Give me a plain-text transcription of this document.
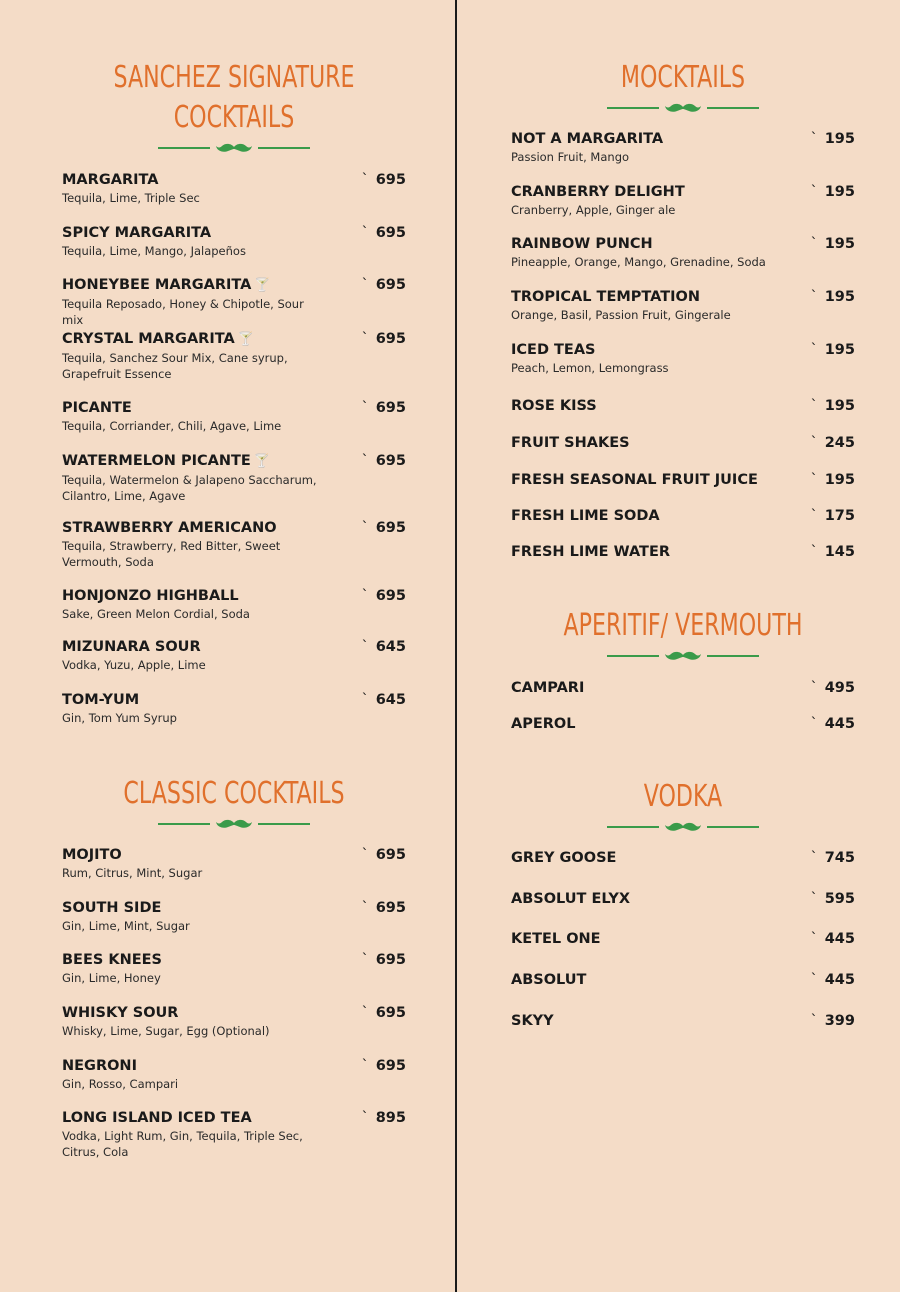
SANCHEZ SIGNATURE
COCKTAILS
MARGARITA
Tequila, Lime, Triple Sec
` 695
SPICY MARGARITA
Tequila, Lime, Mango, Jalapeños
` 695
HONEYBEE MARGARITA 🍸
Tequila Reposado, Honey & Chipotle, Sour mix
` 695
CRYSTAL MARGARITA 🍸
Tequila, Sanchez Sour Mix, Cane syrup, Grapefruit Essence
` 695
PICANTE
Tequila, Corriander, Chili, Agave, Lime
` 695
WATERMELON PICANTE 🍸
Tequila, Watermelon & Jalapeno Saccharum, Cilantro, Lime, Agave
` 695
STRAWBERRY AMERICANO
Tequila, Strawberry, Red Bitter, Sweet Vermouth, Soda
` 695
HONJONZO HIGHBALL
Sake, Green Melon Cordial, Soda
` 695
MIZUNARA SOUR
Vodka, Yuzu, Apple, Lime
` 645
TOM-YUM
Gin, Tom Yum Syrup
` 645
CLASSIC COCKTAILS
MOJITO
Rum, Citrus, Mint, Sugar
` 695
SOUTH SIDE
Gin, Lime, Mint, Sugar
` 695
BEES KNEES
Gin, Lime, Honey
` 695
WHISKY SOUR
Whisky, Lime, Sugar, Egg (Optional)
` 695
NEGRONI
Gin, Rosso, Campari
` 695
LONG ISLAND ICED TEA
Vodka, Light Rum, Gin, Tequila, Triple Sec, Citrus, Cola
` 895
MOCKTAILS
NOT A MARGARITA
Passion Fruit, Mango
` 195
CRANBERRY DELIGHT
Cranberry, Apple, Ginger ale
` 195
RAINBOW PUNCH
Pineapple, Orange, Mango, Grenadine, Soda
` 195
TROPICAL TEMPTATION
Orange, Basil, Passion Fruit, Gingerale
` 195
ICED TEAS
Peach, Lemon, Lemongrass
` 195
ROSE KISS	` 195
FRUIT SHAKES	` 245
FRESH SEASONAL FRUIT JUICE	` 195
FRESH LIME SODA	` 175
FRESH LIME WATER	` 145
APERITIF/ VERMOUTH
CAMPARI	` 495
APEROL	` 445
VODKA
GREY GOOSE	` 745
ABSOLUT ELYX	` 595
KETEL ONE	` 445
ABSOLUT	` 445
SKYY	` 399
